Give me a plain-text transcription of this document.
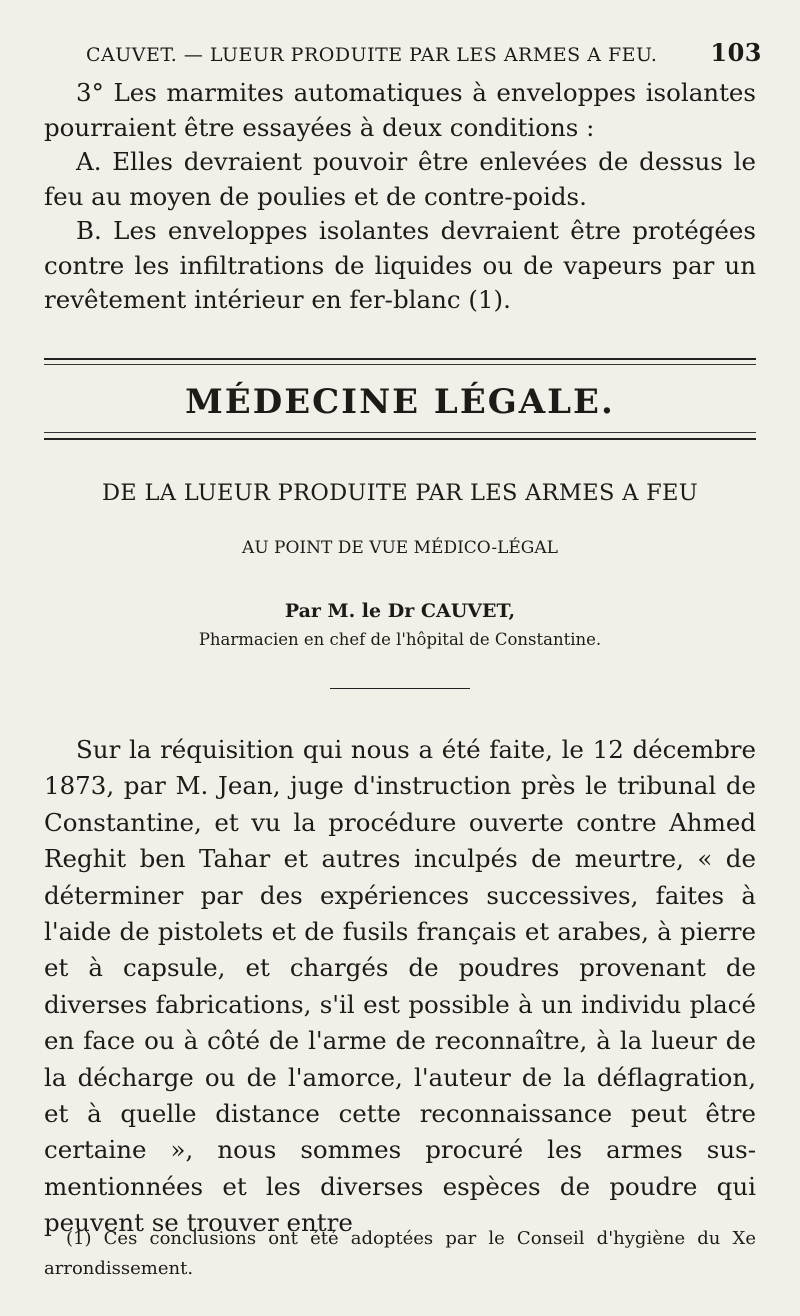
CAUVET. — LUEUR PRODUITE PAR LES ARMES A FEU. 103

3° Les marmites automatiques à enveloppes isolantes pourraient être essayées à deux conditions :

A. Elles devraient pouvoir être enlevées de dessus le feu au moyen de poulies et de contre-poids.

B. Les enveloppes isolantes devraient être protégées contre les infiltrations de liquides ou de vapeurs par un revêtement intérieur en fer-blanc (1).

MÉDECINE LÉGALE.
DE LA LUEUR PRODUITE PAR LES ARMES A FEU
AU POINT DE VUE MÉDICO-LÉGAL
Par M. le Dr CAUVET,
Pharmacien en chef de l'hôpital de Constantine.

Sur la réquisition qui nous a été faite, le 12 décembre 1873, par M. Jean, juge d'instruction près le tribunal de Constantine, et vu la procédure ouverte contre Ahmed Reghit ben Tahar et autres inculpés de meurtre, « de déterminer par des expériences successives, faites à l'aide de pistolets et de fusils français et arabes, à pierre et à capsule, et chargés de poudres provenant de diverses fabrications, s'il est possible à un individu placé en face ou à côté de l'arme de reconnaître, à la lueur de la décharge ou de l'amorce, l'auteur de la déflagration, et à quelle distance cette reconnaissance peut être certaine », nous sommes procuré les armes sus-mentionnées et les diverses espèces de poudre qui peuvent se trouver entre

(1) Ces conclusions ont été adoptées par le Conseil d'hygiène du Xe arrondissement.
